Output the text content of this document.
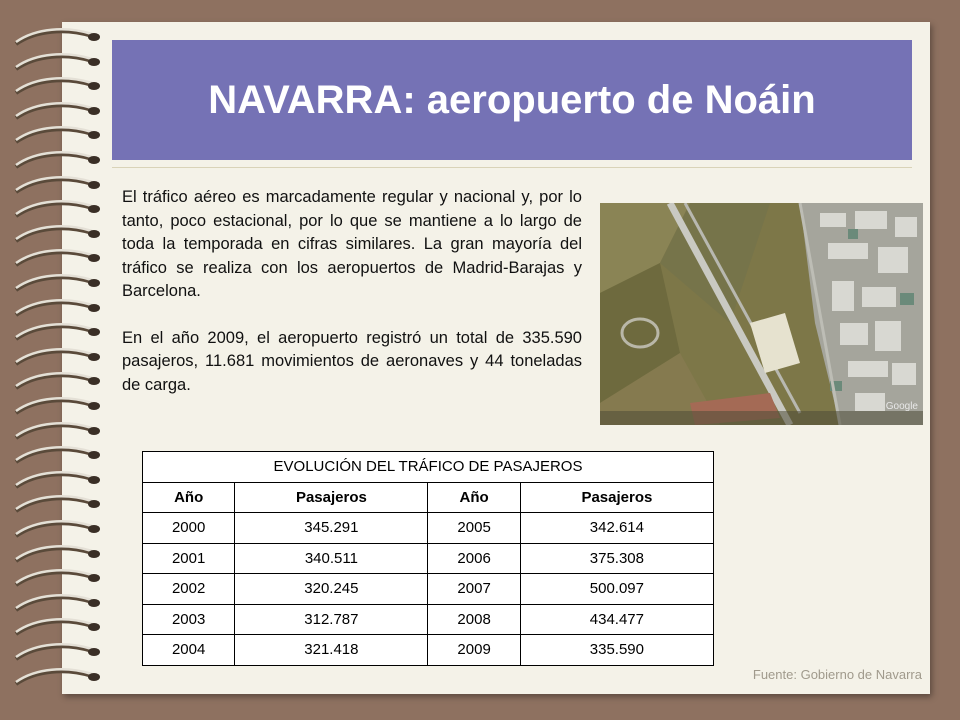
NAVARRA: aeropuerto de Noáin

El tráfico aéreo es marcadamente regular y nacional y, por lo tanto, poco estacional, por lo que se mantiene a lo largo de toda la temporada en cifras similares. La gran mayoría del tráfico se realiza con los aeropuertos de Madrid-Barajas y Barcelona.

En el año 2009, el aeropuerto registró un total de 335.590 pasajeros, 11.681 movimientos de aeronaves y 44 toneladas de carga.

Google
EVOLUCIÓN DEL TRÁFICO DE PASAJEROS			
Año	Pasajeros	Año	Pasajeros
2000	345.291	2005	342.614
2001	340.511	2006	375.308
2002	320.245	2007	500.097
2003	312.787	2008	434.477
2004	321.418	2009	335.590
Fuente: Gobierno de Navarra
